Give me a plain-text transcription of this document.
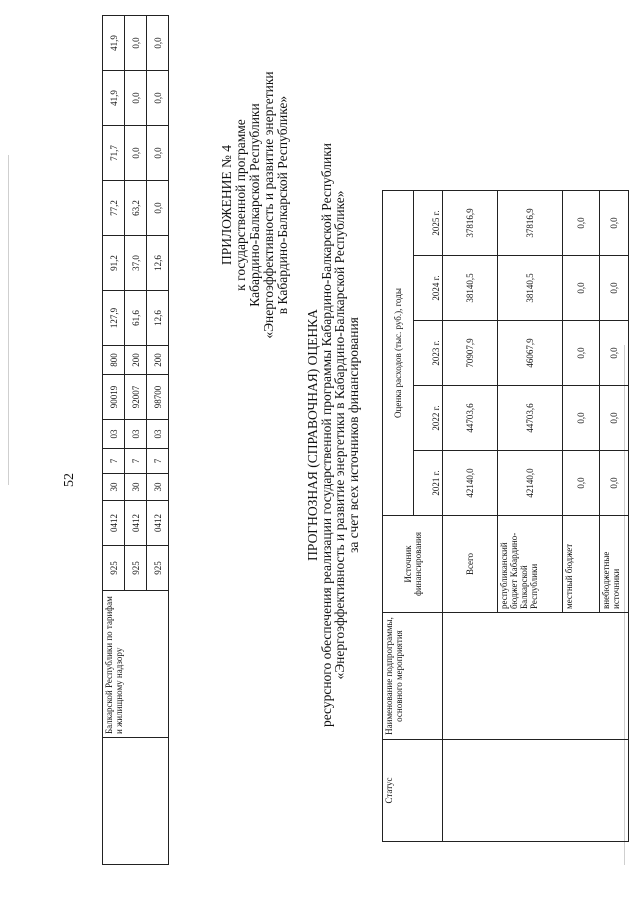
	Балкарской Республики по тарифам и жилищному надзору	925	0412	30	7	03	90019	800	127,9	91,2	77,2	71,7	41,9	41,9
		925	0412	30	7	03	92007	200	61,6	37,0	63,2	0,0	0,0	0,0
		925	0412	30	7	03	98700	200	12,6	12,6	0,0	0,0	0,0	0,0
52
ПРИЛОЖЕНИЕ № 4 к государственной программе Кабардино-Балкарской Республики «Энергоэффективность и развитие энергетики в Кабардино-Балкарской Республике»
ПРОГНОЗНАЯ (СПРАВОЧНАЯ) ОЦЕНКА
ресурсного обеспечения реализации государственной программы Кабардино-Балкарской Республики
«Энергоэффективность и развитие энергетики в Кабардино-Балкарской Республике»
за счет всех источников финансирования
Статус	Наименование подпрограммы, основного мероприятия	Источник финансирования	Оценка расходов (тыс. руб.), годы				
			2021 г.	2022 г.	2023 г.	2024 г.	2025 г.
		Всего	42140,0	44703,6	70907,9	38140,5	37816,9
		республиканский бюджет Кабардино-Балкарской Республики	42140,0	44703,6	46067,9	38140,5	37816,9
		местный бюджет	0,0	0,0	0,0	0,0	0,0
		внебюджетные источники	0,0	0,0	0,0	0,0	0,0
